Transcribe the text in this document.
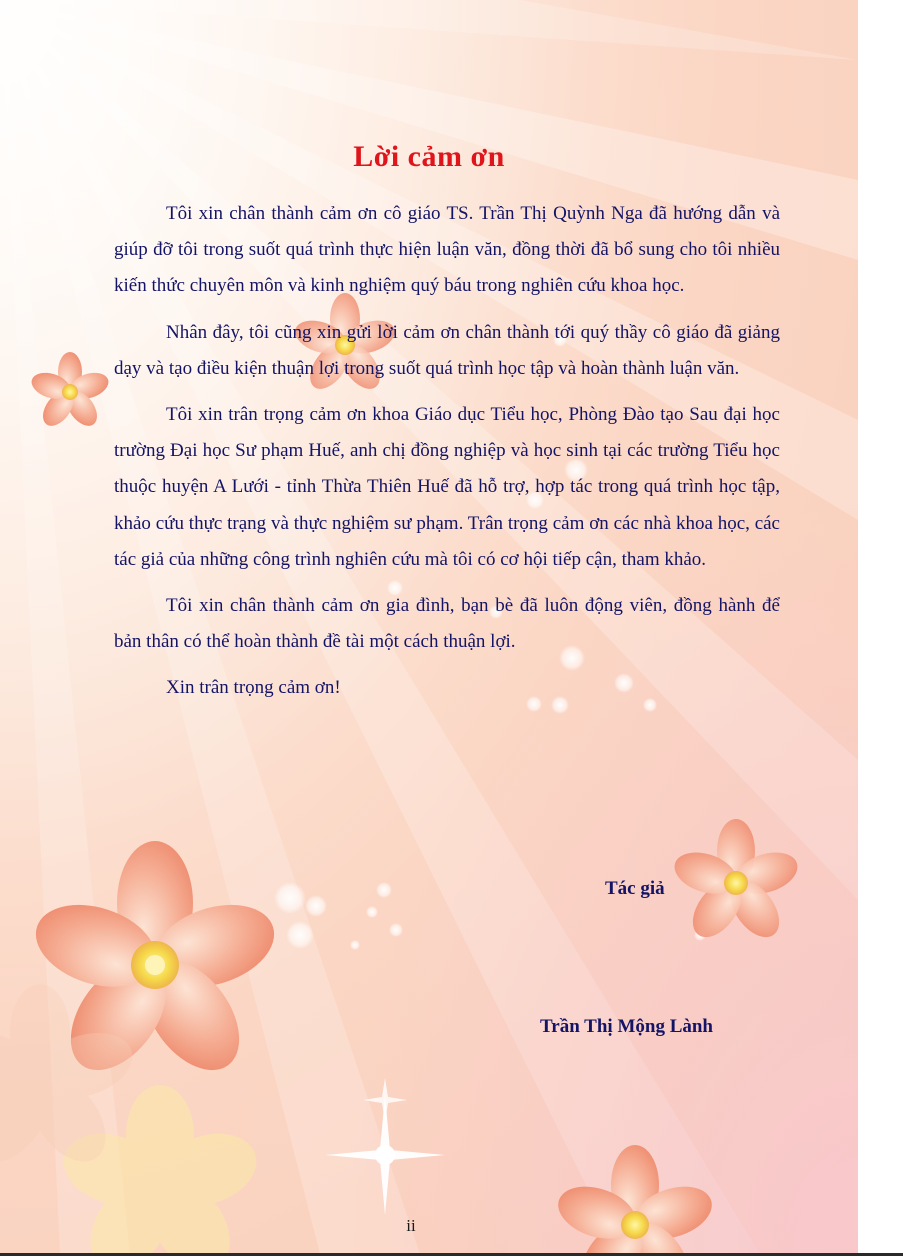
Lời cảm ơn

Tôi xin chân thành cảm ơn cô giáo TS. Trần Thị Quỳnh Nga đã hướng dẫn và giúp đỡ tôi trong suốt quá trình thực hiện luận văn, đồng thời đã bổ sung cho tôi nhiều kiến thức chuyên môn và kinh nghiệm quý báu trong nghiên cứu khoa học.

Nhân đây, tôi cũng xin gửi lời cảm ơn chân thành tới quý thầy cô giáo đã giảng dạy và tạo điều kiện thuận lợi trong suốt quá trình học tập và hoàn thành luận văn.

Tôi xin trân trọng cảm ơn khoa Giáo dục Tiểu học, Phòng Đào tạo Sau đại học trường Đại học Sư phạm Huế, anh chị đồng nghiệp và học sinh tại các trường Tiểu học thuộc huyện A Lưới - tỉnh Thừa Thiên Huế đã hỗ trợ, hợp tác trong quá trình học tập, khảo cứu thực trạng và thực nghiệm sư phạm. Trân trọng cảm ơn các nhà khoa học, các tác giả của những công trình nghiên cứu mà tôi có cơ hội tiếp cận, tham khảo.

Tôi xin chân thành cảm ơn gia đình, bạn bè đã luôn động viên, đồng hành để bản thân có thể hoàn thành đề tài một cách thuận lợi.

Xin trân trọng cảm ơn!

Tác giả
Trần Thị Mộng Lành
ii
